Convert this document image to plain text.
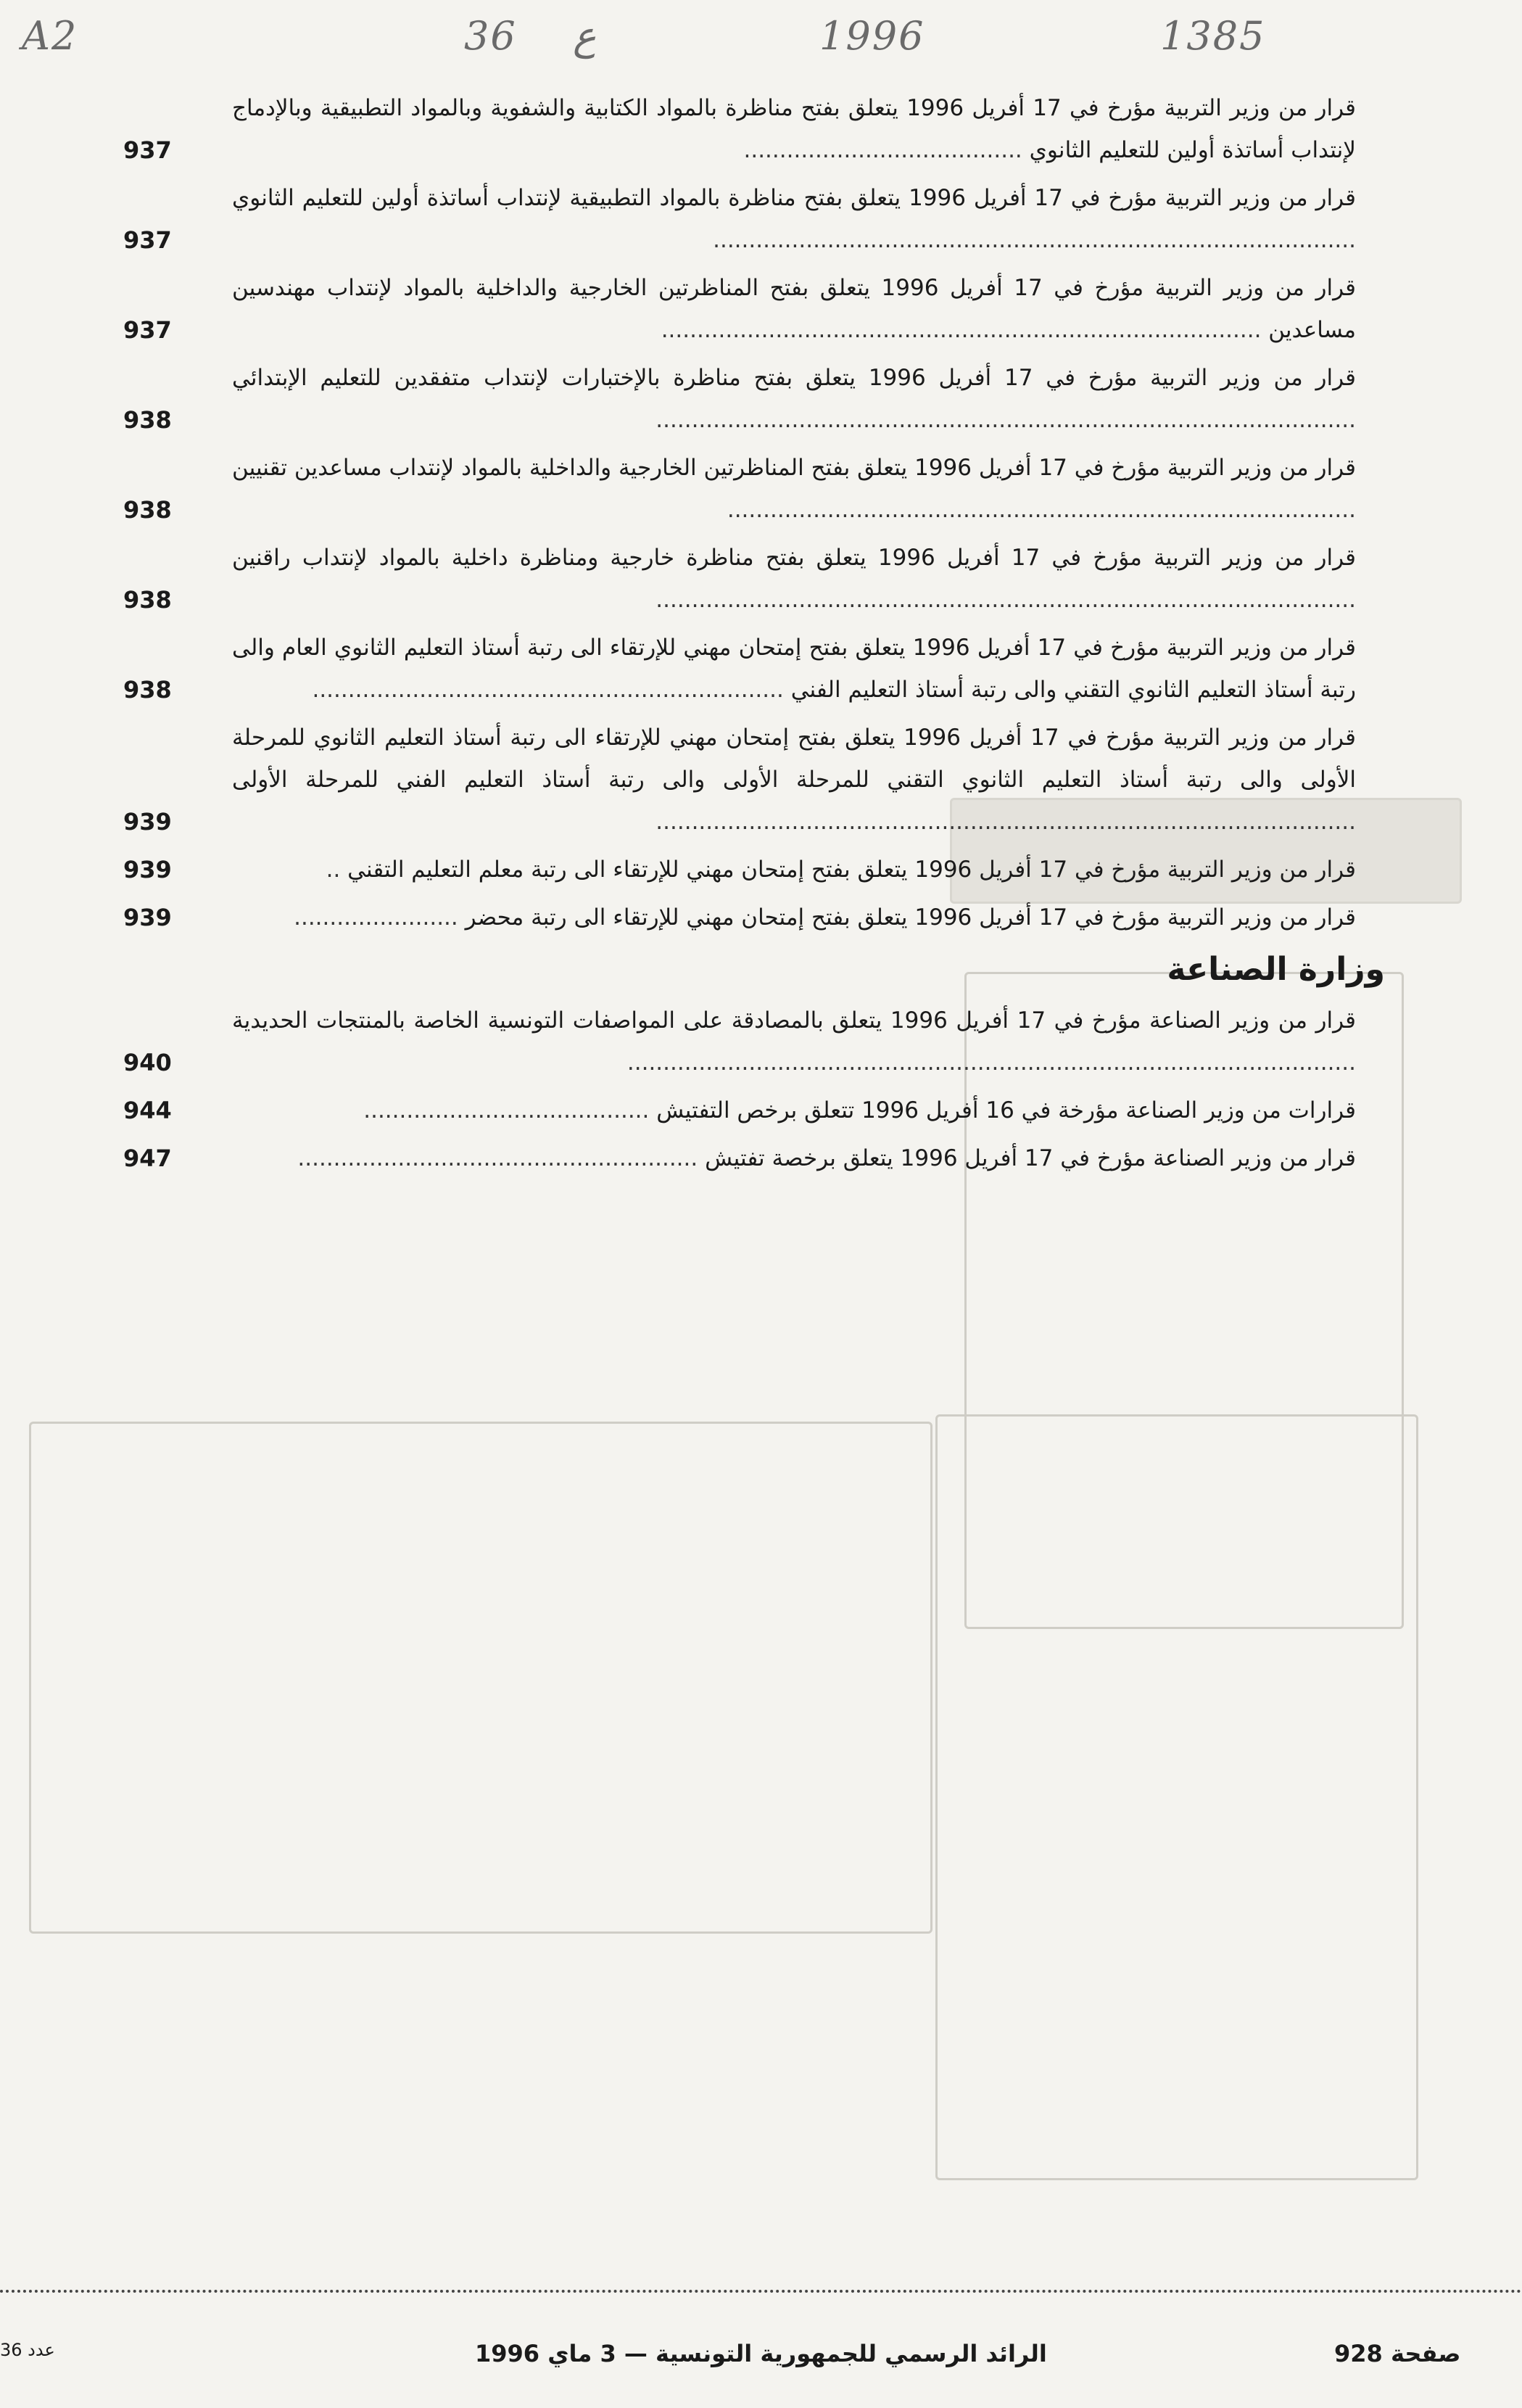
A2	36 ع	1996	1385
قرار من وزير التربية مؤرخ في 17 أفريل 1996 يتعلق بفتح مناظرة بالمواد الكتابية والشفوية وبالمواد التطبيقية وبالإدماج لإنتداب أساتذة أولين للتعليم الثانوي .......................................
937
قرار من وزير التربية مؤرخ في 17 أفريل 1996 يتعلق بفتح مناظرة بالمواد التطبيقية لإنتداب أساتذة أولين للتعليم الثانوي ..........................................................................................
937
قرار من وزير التربية مؤرخ في 17 أفريل 1996 يتعلق بفتح المناظرتين الخارجية والداخلية بالمواد لإنتداب مهندسين مساعدين ....................................................................................
937
قرار من وزير التربية مؤرخ في 17 أفريل 1996 يتعلق بفتح مناظرة بالإختبارات لإنتداب متفقدين للتعليم الإبتدائي ..................................................................................................
938
قرار من وزير التربية مؤرخ في 17 أفريل 1996 يتعلق بفتح المناظرتين الخارجية والداخلية بالمواد لإنتداب مساعدين تقنيين ........................................................................................
938
قرار من وزير التربية مؤرخ في 17 أفريل 1996 يتعلق بفتح مناظرة خارجية ومناظرة داخلية بالمواد لإنتداب راقنين ..................................................................................................
938
قرار من وزير التربية مؤرخ في 17 أفريل 1996 يتعلق بفتح إمتحان مهني للإرتقاء الى رتبة أستاذ التعليم الثانوي العام والى رتبة أستاذ التعليم الثانوي التقني والى رتبة أستاذ التعليم الفني ..................................................................
938
قرار من وزير التربية مؤرخ في 17 أفريل 1996 يتعلق بفتح إمتحان مهني للإرتقاء الى رتبة أستاذ التعليم الثانوي للمرحلة الأولى والى رتبة أستاذ التعليم الثانوي التقني للمرحلة الأولى والى رتبة أستاذ التعليم الفني للمرحلة الأولى ..................................................................................................
939
قرار من وزير التربية مؤرخ في 17 أفريل 1996 يتعلق بفتح إمتحان مهني للإرتقاء الى رتبة معلم التعليم التقني ..
939
قرار من وزير التربية مؤرخ في 17 أفريل 1996 يتعلق بفتح إمتحان مهني للإرتقاء الى رتبة محضر .......................
939
وزارة الصناعة
قرار من وزير الصناعة مؤرخ في 17 أفريل 1996 يتعلق بالمصادقة على المواصفات التونسية الخاصة بالمنتجات الحديدية ......................................................................................................
940
قرارات من وزير الصناعة مؤرخة في 16 أفريل 1996 تتعلق برخص التفتيش ........................................
944
قرار من وزير الصناعة مؤرخ في 17 أفريل 1996 يتعلق برخصة تفتيش ........................................................
947
صفحة 928
الرائد الرسمي للجمهورية التونسية — 3 ماي 1996
عدد 36
